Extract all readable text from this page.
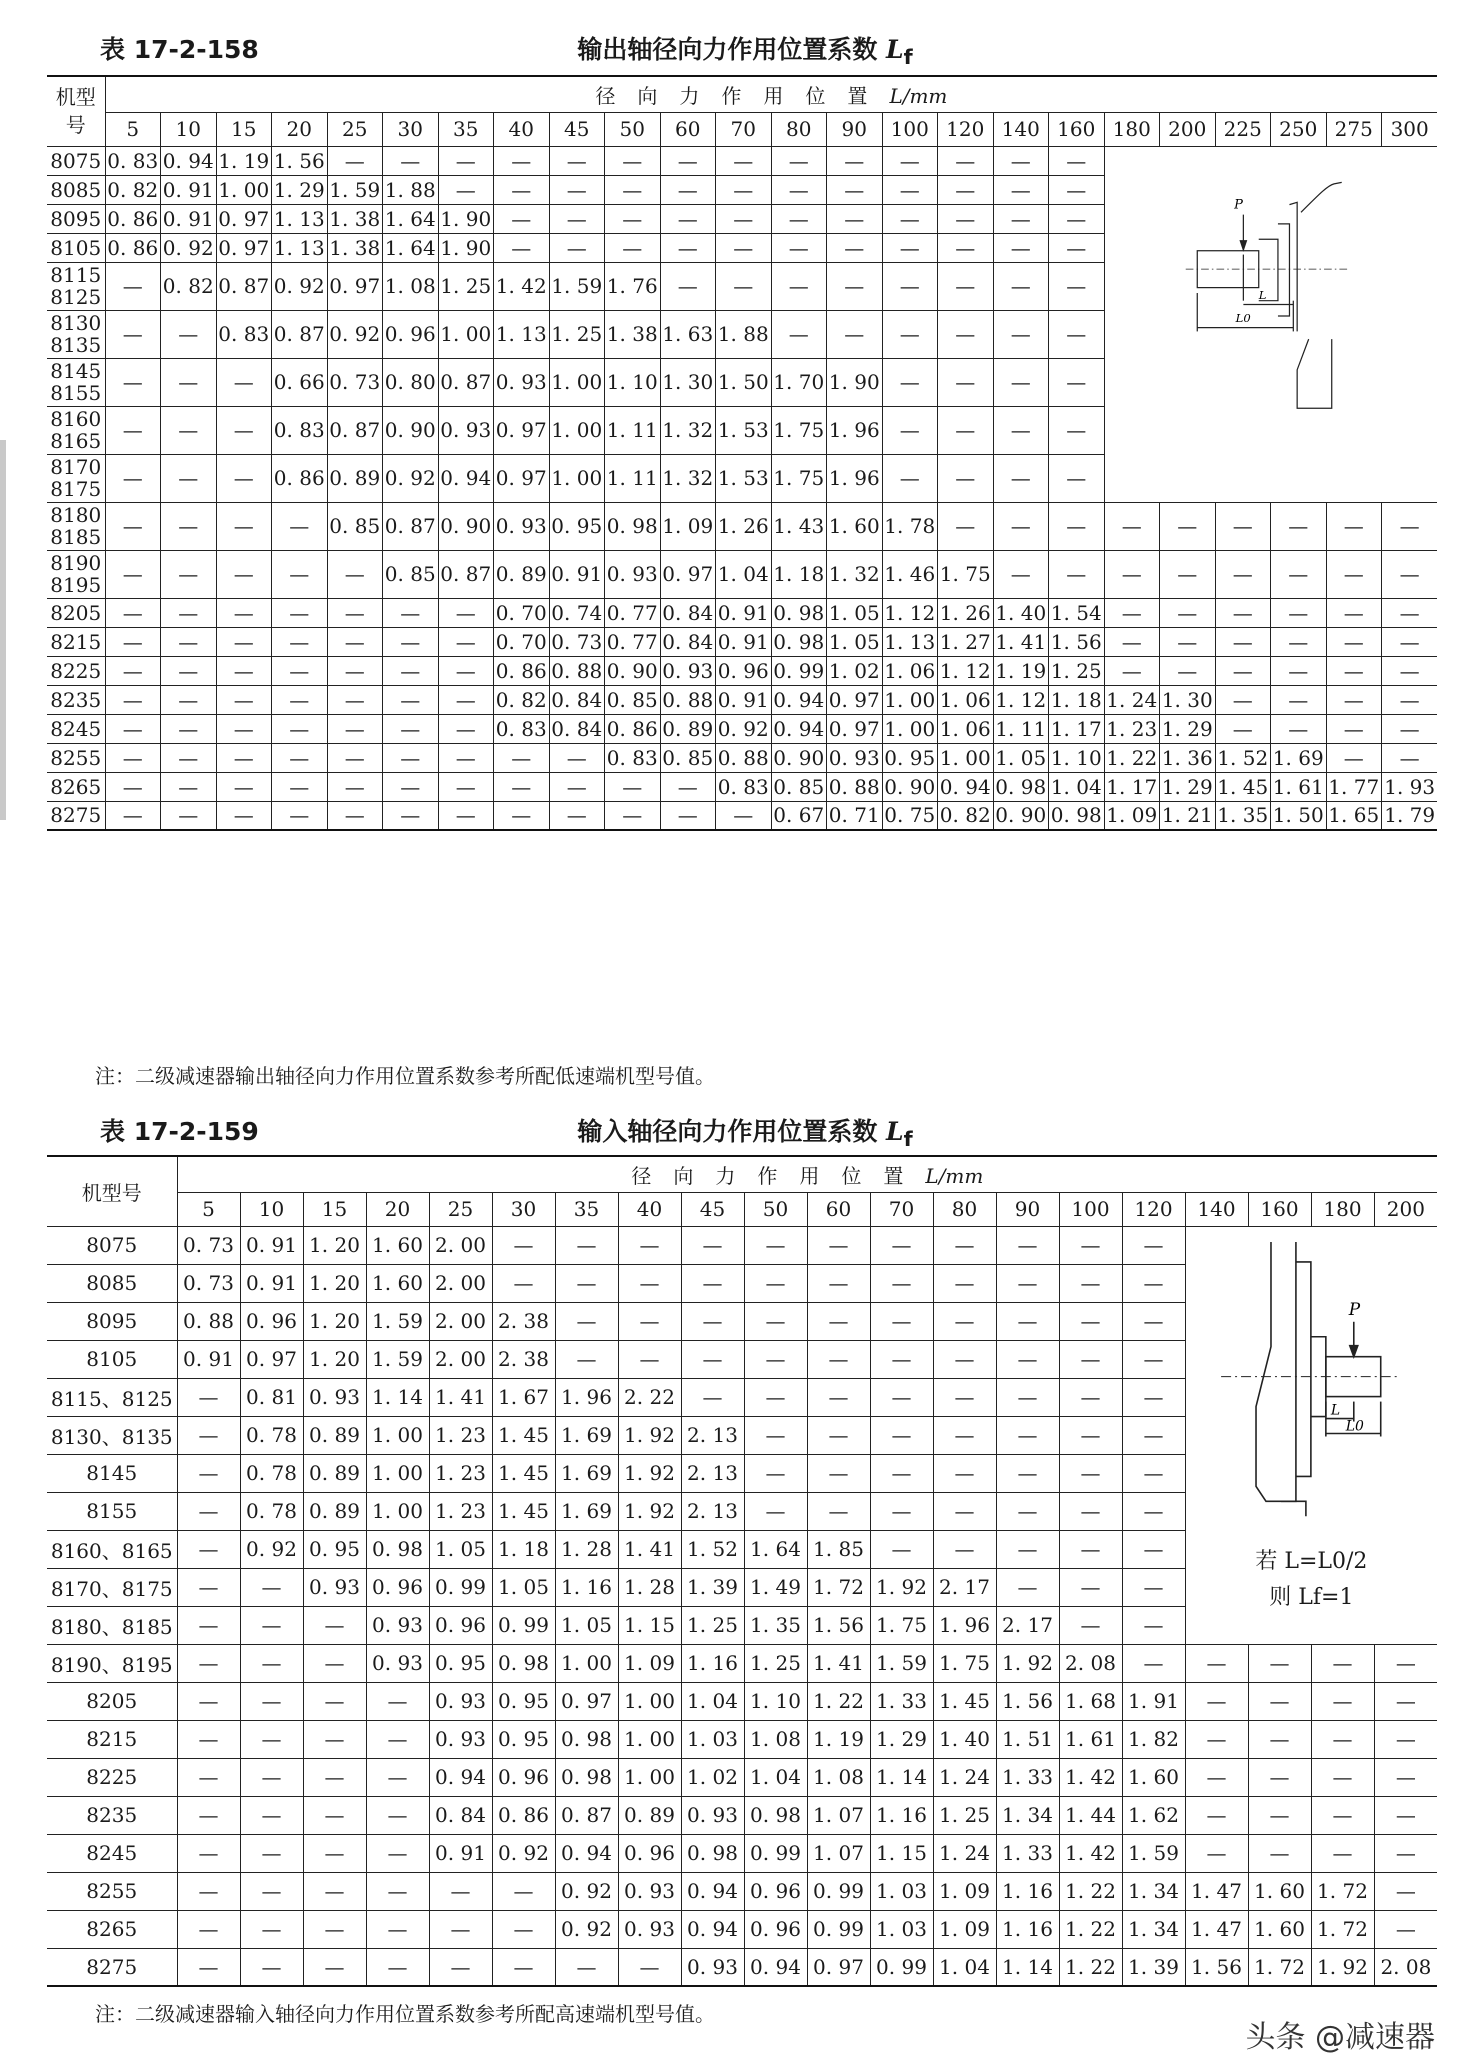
表 17-2-158	输出轴径向力作用位置系数 $L_f$
机型号	径向力作用位置L/mm																							
	5	10	15	20	25	30	35	40	45	50	60	70	80	90	100	120	140	160	180	200	225	250	275	300

8075	0. 83	0. 94	1. 19	1. 56	—	—	—	—	—	—	—	—	—	—	—	—	—	—	P
L
L0					

8085	0. 82	0. 91	1. 00	1. 29	1. 59	1. 88	—	—	—	—	—	—	—	—	—	—	—	—						

8095	0. 86	0. 91	0. 97	1. 13	1. 38	1. 64	1. 90	—	—	—	—	—	—	—	—	—	—	—						

8105	0. 86	0. 92	0. 97	1. 13	1. 38	1. 64	1. 90	—	—	—	—	—	—	—	—	—	—	—						

8115
8125	—	0. 82	0. 87	0. 92	0. 97	1. 08	1. 25	1. 42	1. 59	1. 76	—	—	—	—	—	—	—	—						

8130
8135	—	—	0. 83	0. 87	0. 92	0. 96	1. 00	1. 13	1. 25	1. 38	1. 63	1. 88	—	—	—	—	—	—						

8145
8155	—	—	—	0. 66	0. 73	0. 80	0. 87	0. 93	1. 00	1. 10	1. 30	1. 50	1. 70	1. 90	—	—	—	—						

8160
8165	—	—	—	0. 83	0. 87	0. 90	0. 93	0. 97	1. 00	1. 11	1. 32	1. 53	1. 75	1. 96	—	—	—	—						

8170
8175	—	—	—	0. 86	0. 89	0. 92	0. 94	0. 97	1. 00	1. 11	1. 32	1. 53	1. 75	1. 96	—	—	—	—						

8180
8185	—	—	—	—	0. 85	0. 87	0. 90	0. 93	0. 95	0. 98	1. 09	1. 26	1. 43	1. 60	1. 78	—	—	—	—	—	—	—	—	—

8190
8195	—	—	—	—	—	0. 85	0. 87	0. 89	0. 91	0. 93	0. 97	1. 04	1. 18	1. 32	1. 46	1. 75	—	—	—	—	—	—	—	—

8205	—	—	—	—	—	—	—	0. 70	0. 74	0. 77	0. 84	0. 91	0. 98	1. 05	1. 12	1. 26	1. 40	1. 54	—	—	—	—	—	—

8215	—	—	—	—	—	—	—	0. 70	0. 73	0. 77	0. 84	0. 91	0. 98	1. 05	1. 13	1. 27	1. 41	1. 56	—	—	—	—	—	—

8225	—	—	—	—	—	—	—	0. 86	0. 88	0. 90	0. 93	0. 96	0. 99	1. 02	1. 06	1. 12	1. 19	1. 25	—	—	—	—	—	—

8235	—	—	—	—	—	—	—	0. 82	0. 84	0. 85	0. 88	0. 91	0. 94	0. 97	1. 00	1. 06	1. 12	1. 18	1. 24	1. 30	—	—	—	—

8245	—	—	—	—	—	—	—	0. 83	0. 84	0. 86	0. 89	0. 92	0. 94	0. 97	1. 00	1. 06	1. 11	1. 17	1. 23	1. 29	—	—	—	—

8255	—	—	—	—	—	—	—	—	—	0. 83	0. 85	0. 88	0. 90	0. 93	0. 95	1. 00	1. 05	1. 10	1. 22	1. 36	1. 52	1. 69	—	—

8265	—	—	—	—	—	—	—	—	—	—	—	0. 83	0. 85	0. 88	0. 90	0. 94	0. 98	1. 04	1. 17	1. 29	1. 45	1. 61	1. 77	1. 93

8275	—	—	—	—	—	—	—	—	—	—	—	—	0. 67	0. 71	0. 75	0. 82	0. 90	0. 98	1. 09	1. 21	1. 35	1. 50	1. 65	1. 79
注：二级减速器输出轴径向力作用位置系数参考所配低速端机型号值。
表 17-2-159	输入轴径向力作用位置系数 $L_f$
机型号	径向力作用位置L/mm																			
	5	10	15	20	25	30	35	40	45	50	60	70	80	90	100	120	140	160	180	200
8075	0. 73	0. 91	1. 20	1. 60	2. 00	—	—	—	—	—	—	—	—	—	—	—	P
L
L0
若 L=L0/2
则 Lf=1			

8085	0. 73	0. 91	1. 20	1. 60	2. 00	—	—	—	—	—	—	—	—	—	—	—				
8095	0. 88	0. 96	1. 20	1. 59	2. 00	2. 38	—	—	—	—	—	—	—	—	—	—				
8105	0. 91	0. 97	1. 20	1. 59	2. 00	2. 38	—	—	—	—	—	—	—	—	—	—				
8115、8125	—	0. 81	0. 93	1. 14	1. 41	1. 67	1. 96	2. 22	—	—	—	—	—	—	—	—				
8130、8135	—	0. 78	0. 89	1. 00	1. 23	1. 45	1. 69	1. 92	2. 13	—	—	—	—	—	—	—				
8145	—	0. 78	0. 89	1. 00	1. 23	1. 45	1. 69	1. 92	2. 13	—	—	—	—	—	—	—				
8155	—	0. 78	0. 89	1. 00	1. 23	1. 45	1. 69	1. 92	2. 13	—	—	—	—	—	—	—				
8160、8165	—	0. 92	0. 95	0. 98	1. 05	1. 18	1. 28	1. 41	1. 52	1. 64	1. 85	—	—	—	—	—				
8170、8175	—	—	0. 93	0. 96	0. 99	1. 05	1. 16	1. 28	1. 39	1. 49	1. 72	1. 92	2. 17	—	—	—				
8180、8185	—	—	—	0. 93	0. 96	0. 99	1. 05	1. 15	1. 25	1. 35	1. 56	1. 75	1. 96	2. 17	—	—				
8190、8195	—	—	—	0. 93	0. 95	0. 98	1. 00	1. 09	1. 16	1. 25	1. 41	1. 59	1. 75	1. 92	2. 08	—	—	—	—	—
8205	—	—	—	—	0. 93	0. 95	0. 97	1. 00	1. 04	1. 10	1. 22	1. 33	1. 45	1. 56	1. 68	1. 91	—	—	—	—
8215	—	—	—	—	0. 93	0. 95	0. 98	1. 00	1. 03	1. 08	1. 19	1. 29	1. 40	1. 51	1. 61	1. 82	—	—	—	—
8225	—	—	—	—	0. 94	0. 96	0. 98	1. 00	1. 02	1. 04	1. 08	1. 14	1. 24	1. 33	1. 42	1. 60	—	—	—	—
8235	—	—	—	—	0. 84	0. 86	0. 87	0. 89	0. 93	0. 98	1. 07	1. 16	1. 25	1. 34	1. 44	1. 62	—	—	—	—
8245	—	—	—	—	0. 91	0. 92	0. 94	0. 96	0. 98	0. 99	1. 07	1. 15	1. 24	1. 33	1. 42	1. 59	—	—	—	—
8255	—	—	—	—	—	—	0. 92	0. 93	0. 94	0. 96	0. 99	1. 03	1. 09	1. 16	1. 22	1. 34	1. 47	1. 60	1. 72	—
8265	—	—	—	—	—	—	0. 92	0. 93	0. 94	0. 96	0. 99	1. 03	1. 09	1. 16	1. 22	1. 34	1. 47	1. 60	1. 72	—
8275	—	—	—	—	—	—	—	—	0. 93	0. 94	0. 97	0. 99	1. 04	1. 14	1. 22	1. 39	1. 56	1. 72	1. 92	2. 08
注：二级减速器输入轴径向力作用位置系数参考所配高速端机型号值。
头条 @减速器
